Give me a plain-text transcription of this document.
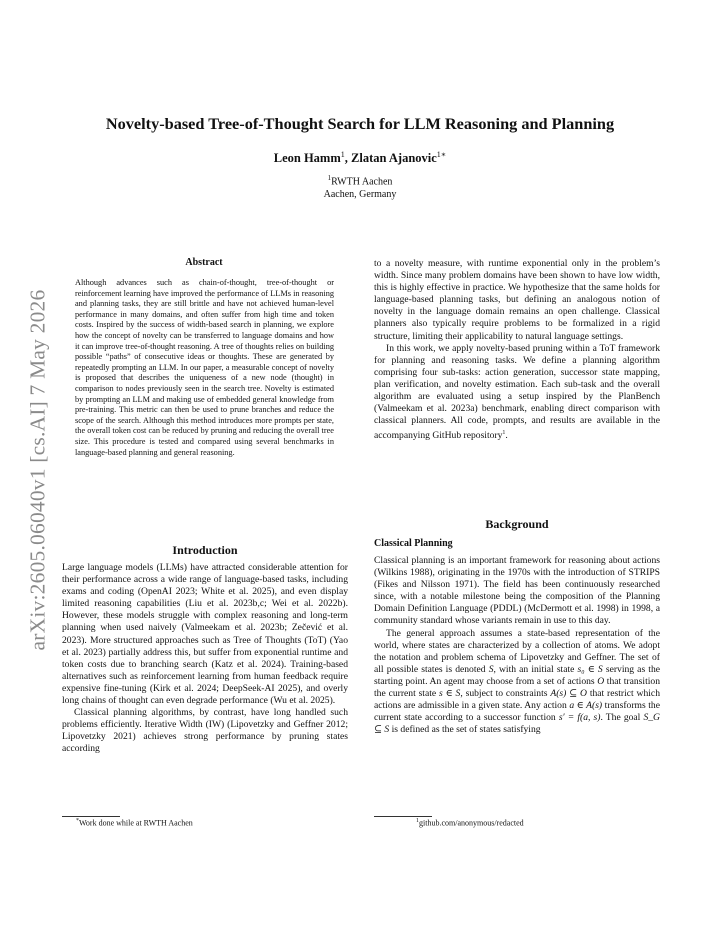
arXiv:2605.06040v1 [cs.AI] 7 May 2026
Novelty-based Tree-of-Thought Search for LLM Reasoning and Planning
Leon Hamm$^1$, Zlatan Ajanovic$^{1∗}$
$^1$RWTH Aachen
Aachen, Germany
Abstract
Although advances such as chain-of-thought, tree-of-thought or reinforcement learning have improved the performance of LLMs in reasoning and planning tasks, they are still brittle and have not achieved human-level performance in many domains, and often suffer from high time and token costs. Inspired by the success of width-based search in planning, we explore how the concept of novelty can be transferred to language domains and how it can improve tree-of-thought reasoning. A tree of thoughts relies on building possible “paths” of consecutive ideas or thoughts. These are generated by repeatedly prompting an LLM. In our paper, a measurable concept of novelty is proposed that describes the uniqueness of a new node (thought) in comparison to nodes previously seen in the search tree. Novelty is estimated by prompting an LLM and making use of embedded general knowledge from pre-training. This metric can then be used to prune branches and reduce the scope of the search. Although this method introduces more prompts per state, the overall token cost can be reduced by pruning and reducing the overall tree size. This procedure is tested and compared using several benchmarks in language-based planning and general reasoning.
Introduction

Large language models (LLMs) have attracted considerable attention for their performance across a wide range of language-based tasks, including exams and coding (OpenAI 2023; White et al. 2025), and even display limited reasoning capabilities (Liu et al. 2023b,c; Wei et al. 2022b). However, these models struggle with complex reasoning and long-term planning when used naively (Valmeekam et al. 2023b; Zečević et al. 2023). More structured approaches such as Tree of Thoughts (ToT) (Yao et al. 2023) partially address this, but suffer from exponential runtime and token costs due to branching search (Katz et al. 2024). Training-based alternatives such as reinforcement learning from human feedback require expensive fine-tuning (Kirk et al. 2024; DeepSeek-AI 2025), and overly long chains of thought can even degrade performance (Wu et al. 2025).

Classical planning algorithms, by contrast, have long handled such problems efficiently. Iterative Width (IW) (Lipovetzky and Geffner 2012; Lipovetzky 2021) achieves strong performance by pruning states according

to a novelty measure, with runtime exponential only in the problem’s width. Since many problem domains have been shown to have low width, this is highly effective in practice. We hypothesize that the same holds for language-based planning tasks, but defining an analogous notion of novelty in the language domain remains an open challenge. Classical planners also typically require problems to be formalized in a rigid structure, limiting their applicability to natural language settings.

In this work, we apply novelty-based pruning within a ToT framework for planning and reasoning tasks. We define a planning algorithm comprising four sub-tasks: action generation, successor state mapping, plan verification, and novelty estimation. Each sub-task and the overall algorithm are evaluated using a setup inspired by the PlanBench (Valmeekam et al. 2023a) benchmark, enabling direct comparison with classical planners. All code, prompts, and results are available in the accompanying GitHub repository$^1$.

Background
Classical Planning

Classical planning is an important framework for reasoning about actions (Wilkins 1988), originating in the 1970s with the introduction of STRIPS (Fikes and Nilsson 1971). The field has been continuously researched since, with a notable milestone being the composition of the Planning Domain Definition Language (PDDL) (McDermott et al. 1998) in 1998, a community standard whose variants remain in use to this day.

The general approach assumes a state-based representation of the world, where states are characterized by a collection of atoms. We adopt the notation and problem schema of Lipovetzky and Geffner. The set of all possible states is denoted S, with an initial state s₀ ∈ S serving as the starting point. An agent may choose from a set of actions O that transition the current state s ∈ S, subject to constraints A(s) ⊆ O that restrict which actions are admissible in a given state. Any action a ∈ A(s) transforms the current state according to a successor function s′ = f(a, s). The goal S_G ⊆ S is defined as the set of states satisfying

*Work done while at RWTH Aachen	$^1$github.com/anonymous/redacted
